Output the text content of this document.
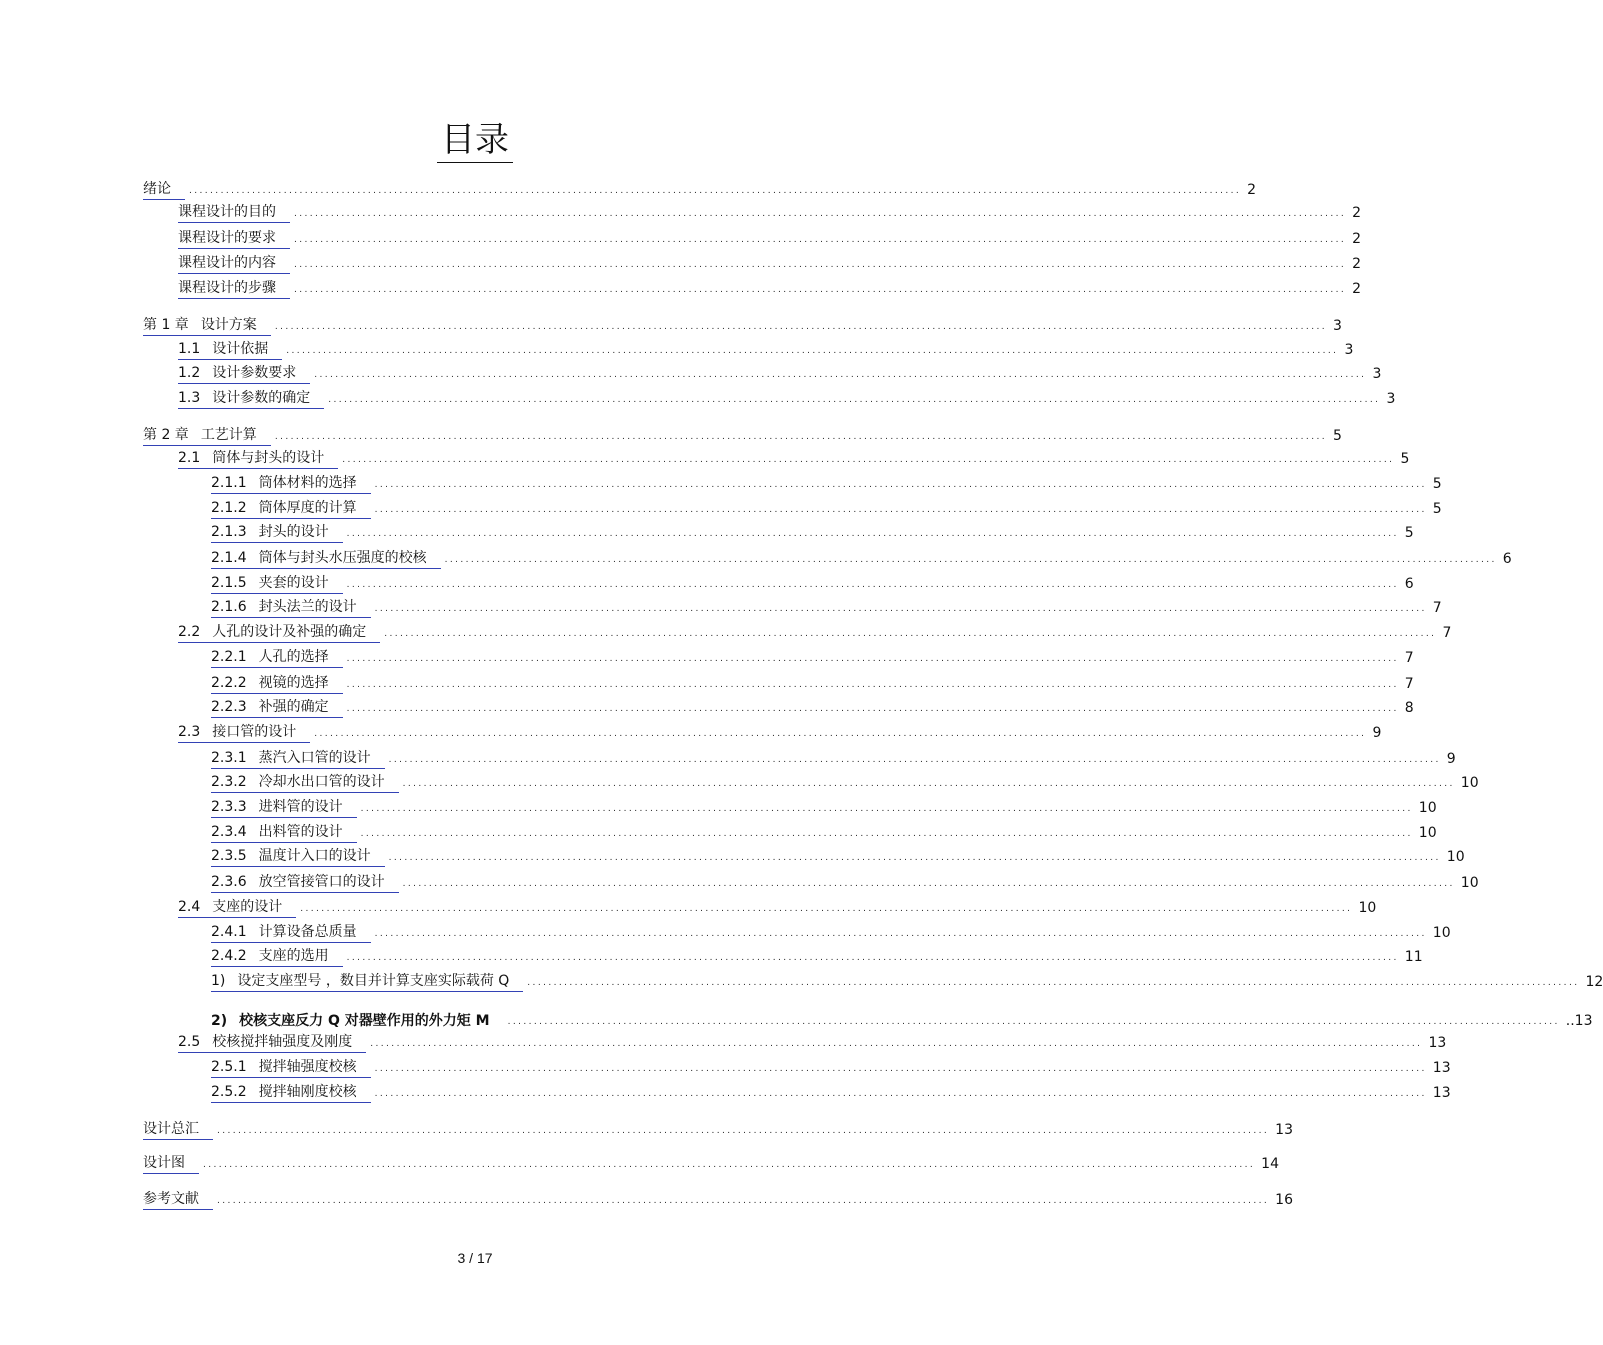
目录
绪论	........................................................................................................................................................................................................ 2
课程设计的目的	........................................................................................................................................................................................................ 2
课程设计的要求	........................................................................................................................................................................................................ 2
课程设计的内容	........................................................................................................................................................................................................ 2
课程设计的步骤	........................................................................................................................................................................................................ 2
第 1 章 设计方案	........................................................................................................................................................................................................ 3
1.1 设计依据	........................................................................................................................................................................................................ 3
1.2 设计参数要求	........................................................................................................................................................................................................ 3
1.3 设计参数的确定	........................................................................................................................................................................................................ 3
第 2 章 工艺计算	........................................................................................................................................................................................................ 5
2.1 筒体与封头的设计	........................................................................................................................................................................................................ 5
2.1.1 筒体材料的选择	........................................................................................................................................................................................................ 5
2.1.2 筒体厚度的计算	........................................................................................................................................................................................................ 5
2.1.3 封头的设计	........................................................................................................................................................................................................ 5
2.1.4 筒体与封头水压强度的校核	........................................................................................................................................................................................................ 6
2.1.5 夹套的设计	........................................................................................................................................................................................................ 6
2.1.6 封头法兰的设计	........................................................................................................................................................................................................ 7
2.2 人孔的设计及补强的确定	........................................................................................................................................................................................................ 7
2.2.1 人孔的选择	........................................................................................................................................................................................................ 7
2.2.2 视镜的选择	........................................................................................................................................................................................................ 7
2.2.3 补强的确定	........................................................................................................................................................................................................ 8
2.3 接口管的设计	........................................................................................................................................................................................................ 9
2.3.1 蒸汽入口管的设计	........................................................................................................................................................................................................ 9
2.3.2 冷却水出口管的设计	........................................................................................................................................................................................................ 10
2.3.3 进料管的设计	........................................................................................................................................................................................................ 10
2.3.4 出料管的设计	........................................................................................................................................................................................................ 10
2.3.5 温度计入口的设计	........................................................................................................................................................................................................ 10
2.3.6 放空管接管口的设计	........................................................................................................................................................................................................ 10
2.4 支座的设计	........................................................................................................................................................................................................ 10
2.4.1 计算设备总质量	........................................................................................................................................................................................................ 10
2.4.2 支座的选用	........................................................................................................................................................................................................ 11
1) 设定支座型号 ，数目并计算支座实际载荷 Q	........................................................................................................................................................................................................ 12
2) 校核支座反力 Q 对器壁作用的外力矩 M	........................................................................................................................................................................................................ ..13
2.5 校核搅拌轴强度及刚度	........................................................................................................................................................................................................ 13
2.5.1 搅拌轴强度校核	........................................................................................................................................................................................................ 13
2.5.2 搅拌轴刚度校核	........................................................................................................................................................................................................ 13
设计总汇	........................................................................................................................................................................................................ 13
设计图	........................................................................................................................................................................................................ 14
参考文献	........................................................................................................................................................................................................ 16
3 / 17
